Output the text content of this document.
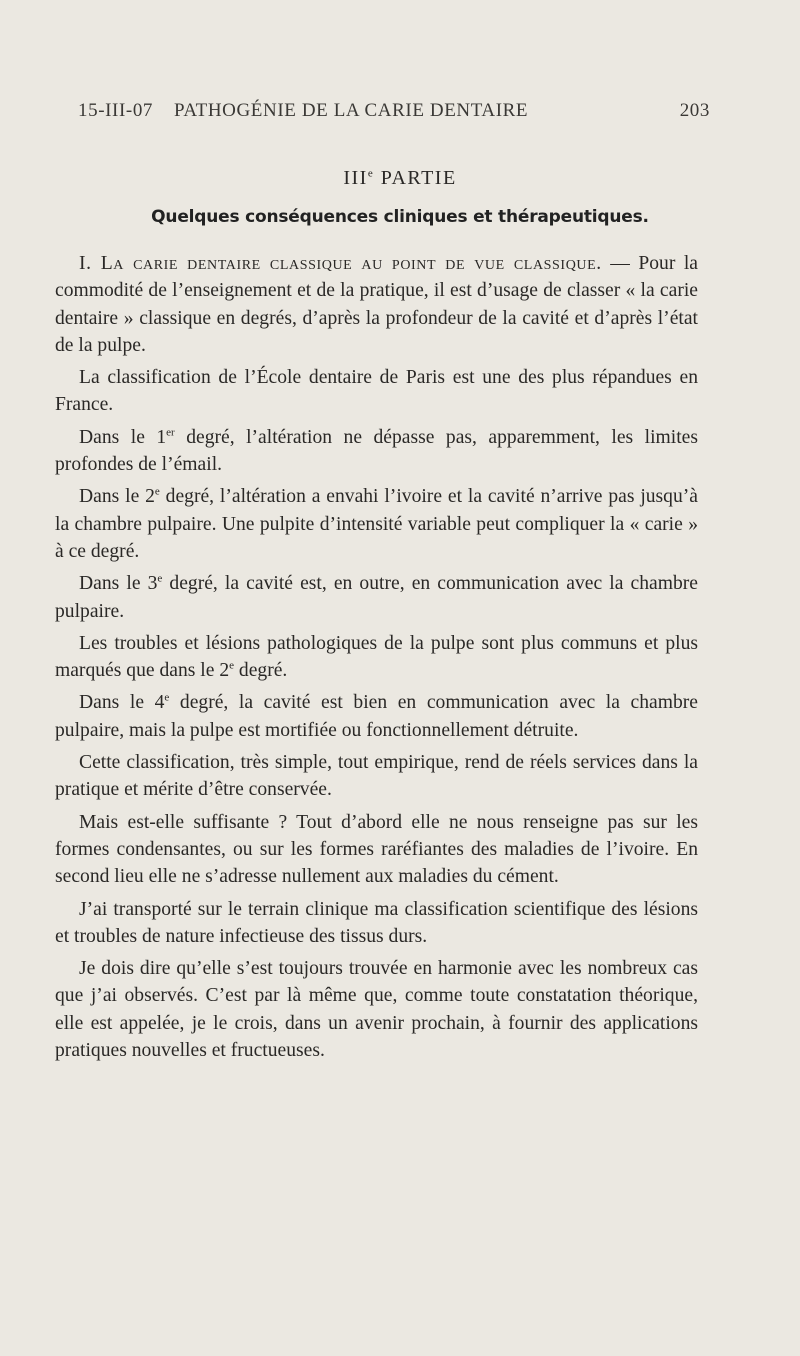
15-III-07 PATHOGÉNIE DE LA CARIE DENTAIRE	203
IIIe PARTIE
Quelques conséquences cliniques et thérapeutiques.

I. La carie dentaire classique au point de vue classique. — Pour la commodité de l’enseignement et de la pratique, il est d’usage de classer « la carie dentaire » classique en degrés, d’après la profondeur de la cavité et d’après l’état de la pulpe.

La classification de l’École dentaire de Paris est une des plus répandues en France.

Dans le 1er degré, l’altération ne dépasse pas, apparemment, les limites profondes de l’émail.

Dans le 2e degré, l’altération a envahi l’ivoire et la cavité n’arrive pas jusqu’à la chambre pulpaire. Une pulpite d’intensité variable peut compliquer la « carie » à ce degré.

Dans le 3e degré, la cavité est, en outre, en communication avec la chambre pulpaire.

Les troubles et lésions pathologiques de la pulpe sont plus communs et plus marqués que dans le 2e degré.

Dans le 4e degré, la cavité est bien en communication avec la chambre pulpaire, mais la pulpe est mortifiée ou fonctionnellement détruite.

Cette classification, très simple, tout empirique, rend de réels services dans la pratique et mérite d’être conservée.

Mais est-elle suffisante ? Tout d’abord elle ne nous renseigne pas sur les formes condensantes, ou sur les formes raréfiantes des maladies de l’ivoire. En second lieu elle ne s’adresse nullement aux maladies du cément.

J’ai transporté sur le terrain clinique ma classification scientifique des lésions et troubles de nature infectieuse des tissus durs.

Je dois dire qu’elle s’est toujours trouvée en harmonie avec les nombreux cas que j’ai observés. C’est par là même que, comme toute constatation théorique, elle est appelée, je le crois, dans un avenir prochain, à fournir des applications pratiques nouvelles et fructueuses.
